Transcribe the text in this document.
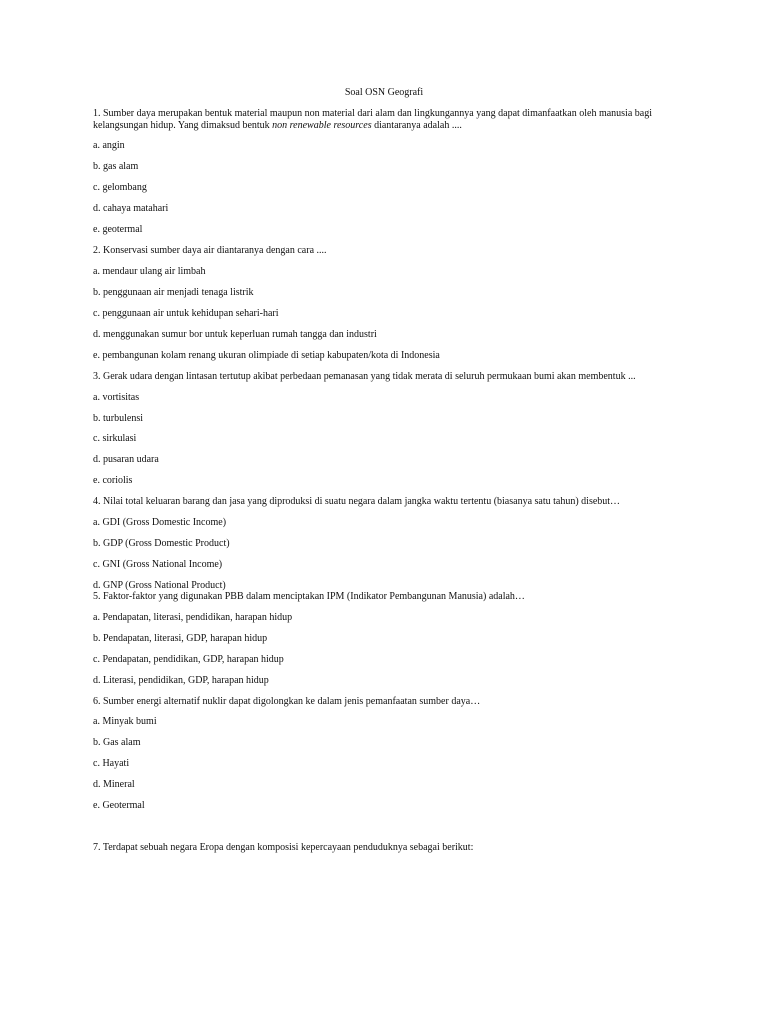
Soal OSN Geografi
1. Sumber daya merupakan bentuk material maupun non material dari alam dan lingkungannya yang dapat dimanfaatkan oleh manusia bagi kelangsungan hidup. Yang dimaksud bentuk non renewable resources diantaranya adalah ....
a. angin
b. gas alam
c. gelombang
d. cahaya matahari
e. geotermal
2. Konservasi sumber daya air diantaranya dengan cara ....
a. mendaur ulang air limbah
b. penggunaan air menjadi tenaga listrik
c. penggunaan air untuk kehidupan sehari-hari
d. menggunakan sumur bor untuk keperluan rumah tangga dan industri
e. pembangunan kolam renang ukuran olimpiade di setiap kabupaten/kota di Indonesia
3. Gerak udara dengan lintasan tertutup akibat perbedaan pemanasan yang tidak merata di seluruh permukaan bumi akan membentuk ...
a. vortisitas
b. turbulensi
c. sirkulasi
d. pusaran udara
e. coriolis
4. Nilai total keluaran barang dan jasa yang diproduksi di suatu negara dalam jangka waktu tertentu (biasanya satu tahun) disebut…
a. GDI (Gross Domestic Income)
b. GDP (Gross Domestic Product)
c. GNI (Gross National Income)
d. GNP (Gross National Product)
5. Faktor-faktor yang digunakan PBB dalam menciptakan IPM (Indikator Pembangunan Manusia) adalah…
a. Pendapatan, literasi, pendidikan, harapan hidup
b. Pendapatan, literasi, GDP, harapan hidup
c. Pendapatan, pendidikan, GDP, harapan hidup
d. Literasi, pendidikan, GDP, harapan hidup
6. Sumber energi alternatif nuklir dapat digolongkan ke dalam jenis pemanfaatan sumber daya…
a. Minyak bumi
b. Gas alam
c. Hayati
d. Mineral
e. Geotermal
7. Terdapat sebuah negara Eropa dengan komposisi kepercayaan penduduknya sebagai berikut:
